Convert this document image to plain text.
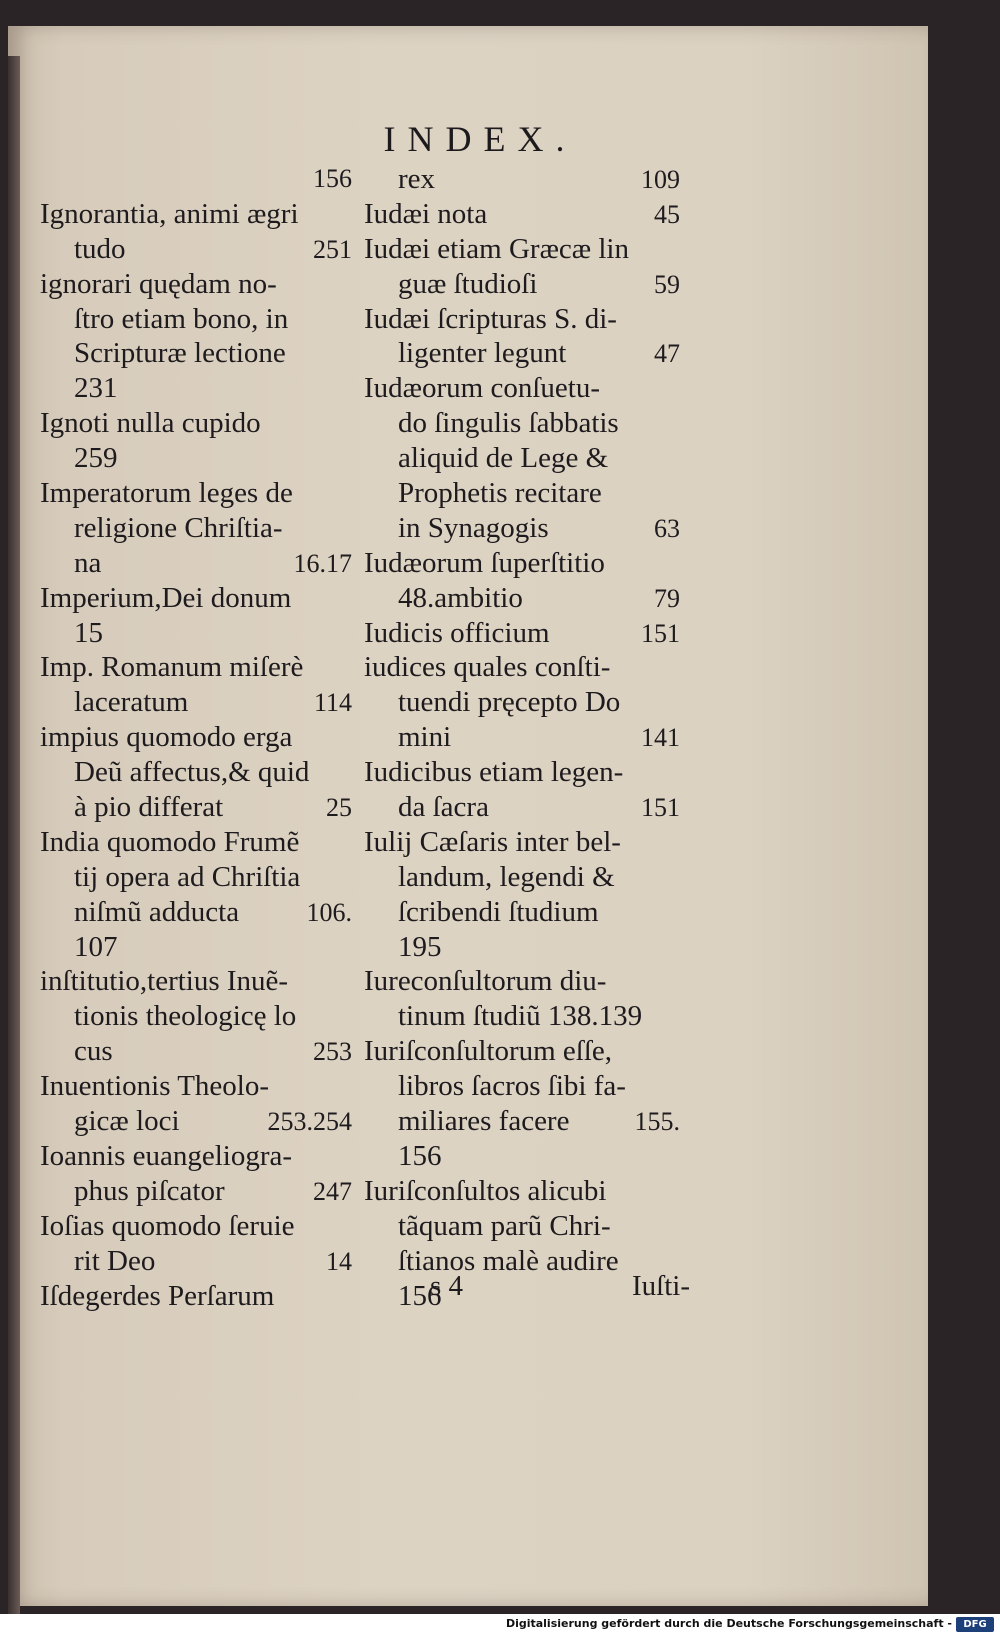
INDEX.
156
Ignorantia, animi ægri
tudo	251
ignorari quędam no-
ſtro etiam bono, in
Scripturæ lectione
231
Ignoti nulla cupido
259
Imperatorum leges de
religione Chriſtia-
na	16.17
Imperium,Dei donum
15
Imp. Romanum miſerè
laceratum	114
impius quomodo erga
Deũ affectus,& quid
à pio differat	25
India quomodo Frumẽ
tij opera ad Chriſtia
niſmũ adducta	106.
107
inſtitutio,tertius Inuẽ-
tionis theologicę lo
cus	253
Inuentionis Theolo-
gicæ loci	253.254
Ioannis euangeliogra-
phus piſcator	247
Ioſias quomodo ſeruie
rit Deo	14
Iſdegerdes Perſarum
rex	109
Iudæi nota	45
Iudæi etiam Græcæ lin
guæ ſtudioſi	59
Iudæi ſcripturas S. di-
ligenter legunt	47
Iudæorum conſuetu-
do ſingulis ſabbatis
aliquid de Lege &
Prophetis recitare
in Synagogis	63
Iudæorum ſuperſtitio
48.ambitio	79
Iudicis officium	151
iudices quales conſti-
tuendi pręcepto Do
mini	141
Iudicibus etiam legen-
da ſacra	151
Iulij Cæſaris inter bel-
landum, legendi &
ſcribendi ſtudium
195
Iureconſultorum diu-
tinum ſtudiũ 138.139
Iuriſconſultorum eſſe,
libros ſacros ſibi fa-
miliares facere	155.
156
Iuriſconſultos alicubi
tãquam parũ Chri-
ſtianos malè audire
156
s 4	Iuſti-
Digitalisierung gefördert durch die Deutsche Forschungsgemeinschaft -	DFG
